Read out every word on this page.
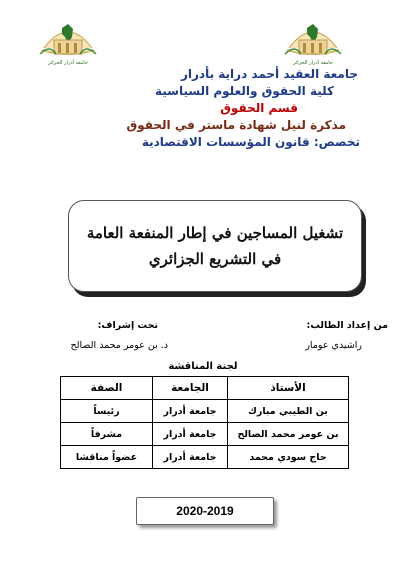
جامعة أدرار الجزائر	جامعة أدرار الجزائر
جامعة العقيد أحمد دراية بأدرار
كلية الحقوق والعلوم السياسية
قسم الحقوق
مذكرة لنيل شهادة ماستر في الحقوق
تخصص: قانون المؤسسات الاقتصادية
تشغيل المساجين في إطار المنفعة العامة
في التشريع الجزائري
من إعداد الطالب:
راشيدي عومار
تحت إشراف:
د. بن عومر محمد الصالح
لجنة المناقشة
الأستاذ	الجامعة	الصفة
بن الطيبي مبارك	جامعة أدرار	رئيساً
بن عومر محمد الصالح	جامعة أدرار	مشرفاً
حاج سودي محمد	جامعة أدرار	عضواً مناقشا
2020-2019
